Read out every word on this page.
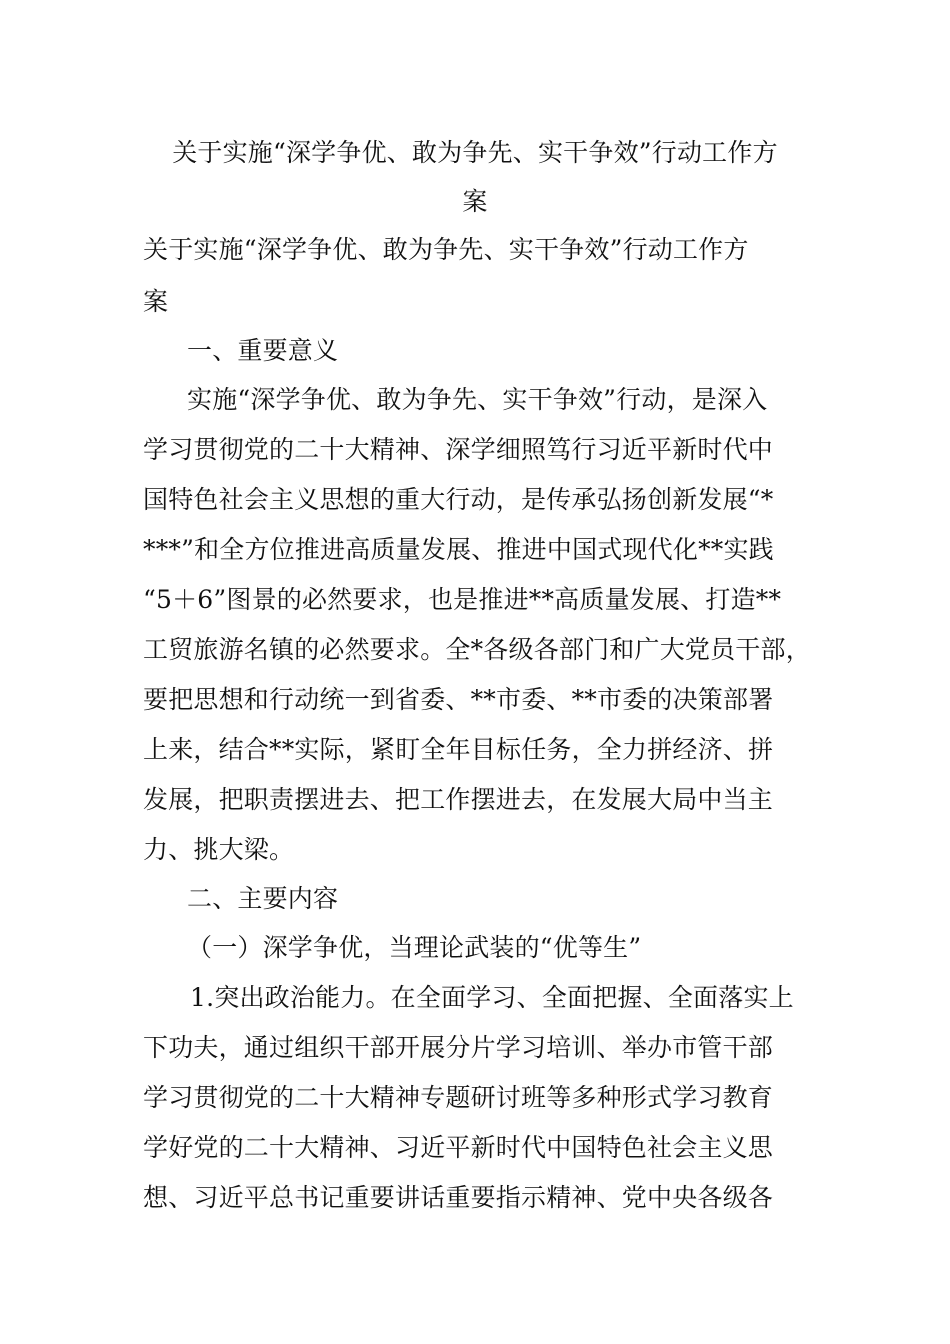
关于实施“深学争优、敢为争先、实干争效”行动工作方
案
关于实施“深学争优、敢为争先、实干争效”行动工作方
案
一、重要意义
实施“深学争优、敢为争先、实干争效”行动，是深入
学习贯彻党的二十大精神、深学细照笃行习近平新时代中
国特色社会主义思想的重大行动，是传承弘扬创新发展“*
***”和全方位推进高质量发展、推进中国式现代化**实践
“5＋6”图景的必然要求，也是推进**高质量发展、打造**
工贸旅游名镇的必然要求。全*各级各部门和广大党员干部，
要把思想和行动统一到省委、**市委、**市委的决策部署
上来，结合**实际，紧盯全年目标任务，全力拼经济、拼
发展，把职责摆进去、把工作摆进去，在发展大局中当主
力、挑大梁。
二、主要内容
（一）深学争优，当理论武装的“优等生”
1.突出政治能力。在全面学习、全面把握、全面落实上
下功夫，通过组织干部开展分片学习培训、举办市管干部
学习贯彻党的二十大精神专题研讨班等多种形式学习教育
学好党的二十大精神、习近平新时代中国特色社会主义思
想、习近平总书记重要讲话重要指示精神、党中央各级各
